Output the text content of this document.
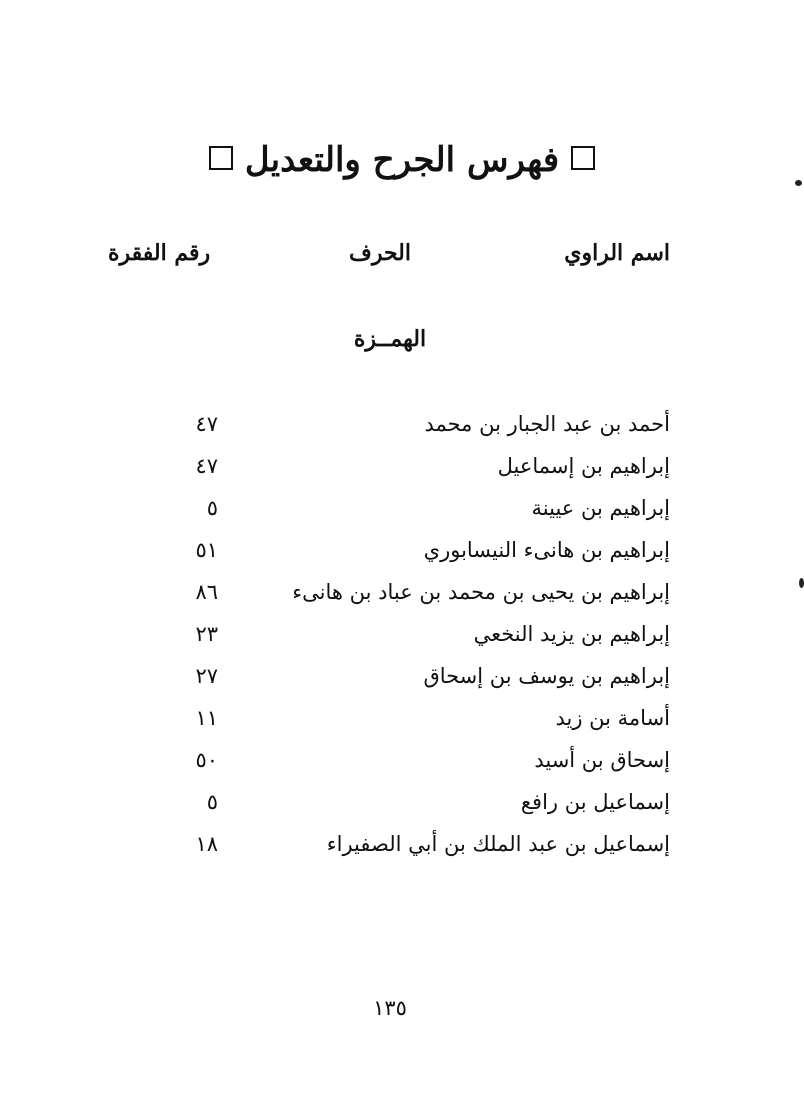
فهرس الجرح والتعديل
اسم الراوي
الحرف
رقم الفقرة
الهمــزة
أحمد بن عبد الجبار بن محمد
٤٧
إبراهيم بن إسماعيل
٤٧
إبراهيم بن عيينة
٥
إبراهيم بن هانىء النيسابوري
٥١
إبراهيم بن يحيى بن محمد بن عباد بن هانىء
٨٦
إبراهيم بن يزيد النخعي
٢٣
إبراهيم بن يوسف بن إسحاق
٢٧
أسامة بن زيد
١١
إسحاق بن أسيد
٥٠
إسماعيل بن رافع
٥
إسماعيل بن عبد الملك بن أبي الصفيراء
١٨
١٣٥
